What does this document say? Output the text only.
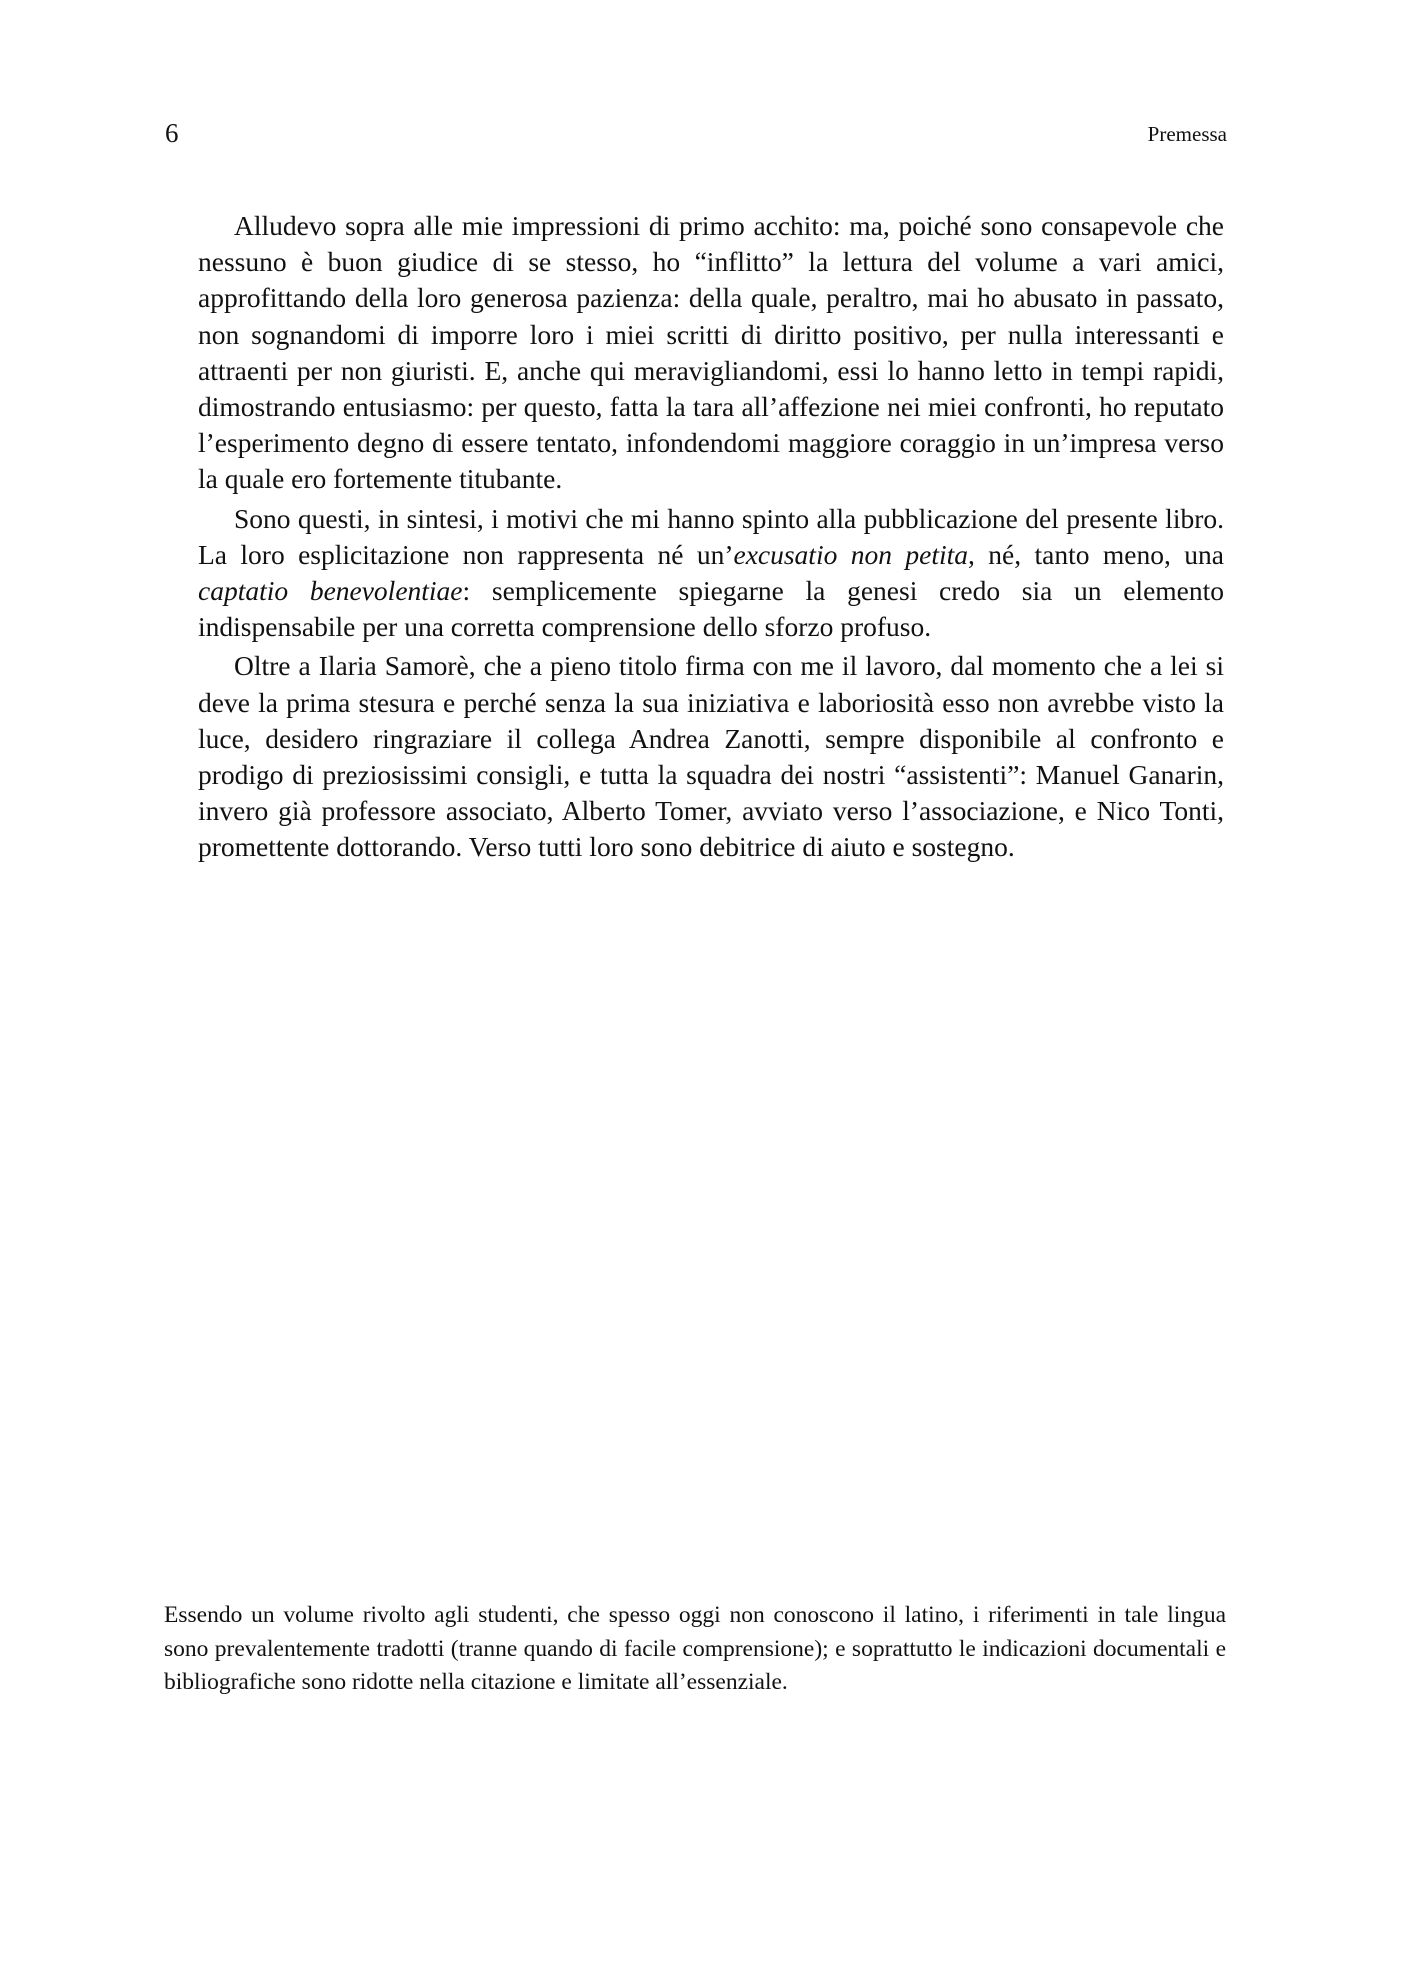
6	Premessa

Alludevo sopra alle mie impressioni di primo acchito: ma, poiché sono consapevole che nessuno è buon giudice di se stesso, ho “inflitto” la lettura del volume a vari amici, approfittando della loro generosa pazienza: della quale, peraltro, mai ho abusato in passato, non sognandomi di imporre loro i miei scritti di diritto positivo, per nulla interessanti e attraenti per non giuristi. E, anche qui meravigliandomi, essi lo hanno letto in tempi rapidi, dimostrando entusiasmo: per questo, fatta la tara all’affezione nei miei confronti, ho reputato l’esperimento degno di essere tentato, infondendomi maggiore coraggio in un’impresa verso la quale ero fortemente titubante.

Sono questi, in sintesi, i motivi che mi hanno spinto alla pubblicazione del presente libro. La loro esplicitazione non rappresenta né un’excusatio non petita, né, tanto meno, una captatio benevolentiae: semplicemente spiegarne la genesi credo sia un elemento indispensabile per una corretta comprensione dello sforzo profuso.

Oltre a Ilaria Samorè, che a pieno titolo firma con me il lavoro, dal momento che a lei si deve la prima stesura e perché senza la sua iniziativa e laboriosità esso non avrebbe visto la luce, desidero ringraziare il collega Andrea Zanotti, sempre disponibile al confronto e prodigo di preziosissimi consigli, e tutta la squadra dei nostri “assistenti”: Manuel Ganarin, invero già professore associato, Alberto Tomer, avviato verso l’associazione, e Nico Tonti, promettente dottorando. Verso tutti loro sono debitrice di aiuto e sostegno.

Essendo un volume rivolto agli studenti, che spesso oggi non conoscono il latino, i riferimenti in tale lingua sono prevalentemente tradotti (tranne quando di facile comprensione); e soprattutto le indicazioni documentali e bibliografiche sono ridotte nella citazione e limitate all’essenziale.
